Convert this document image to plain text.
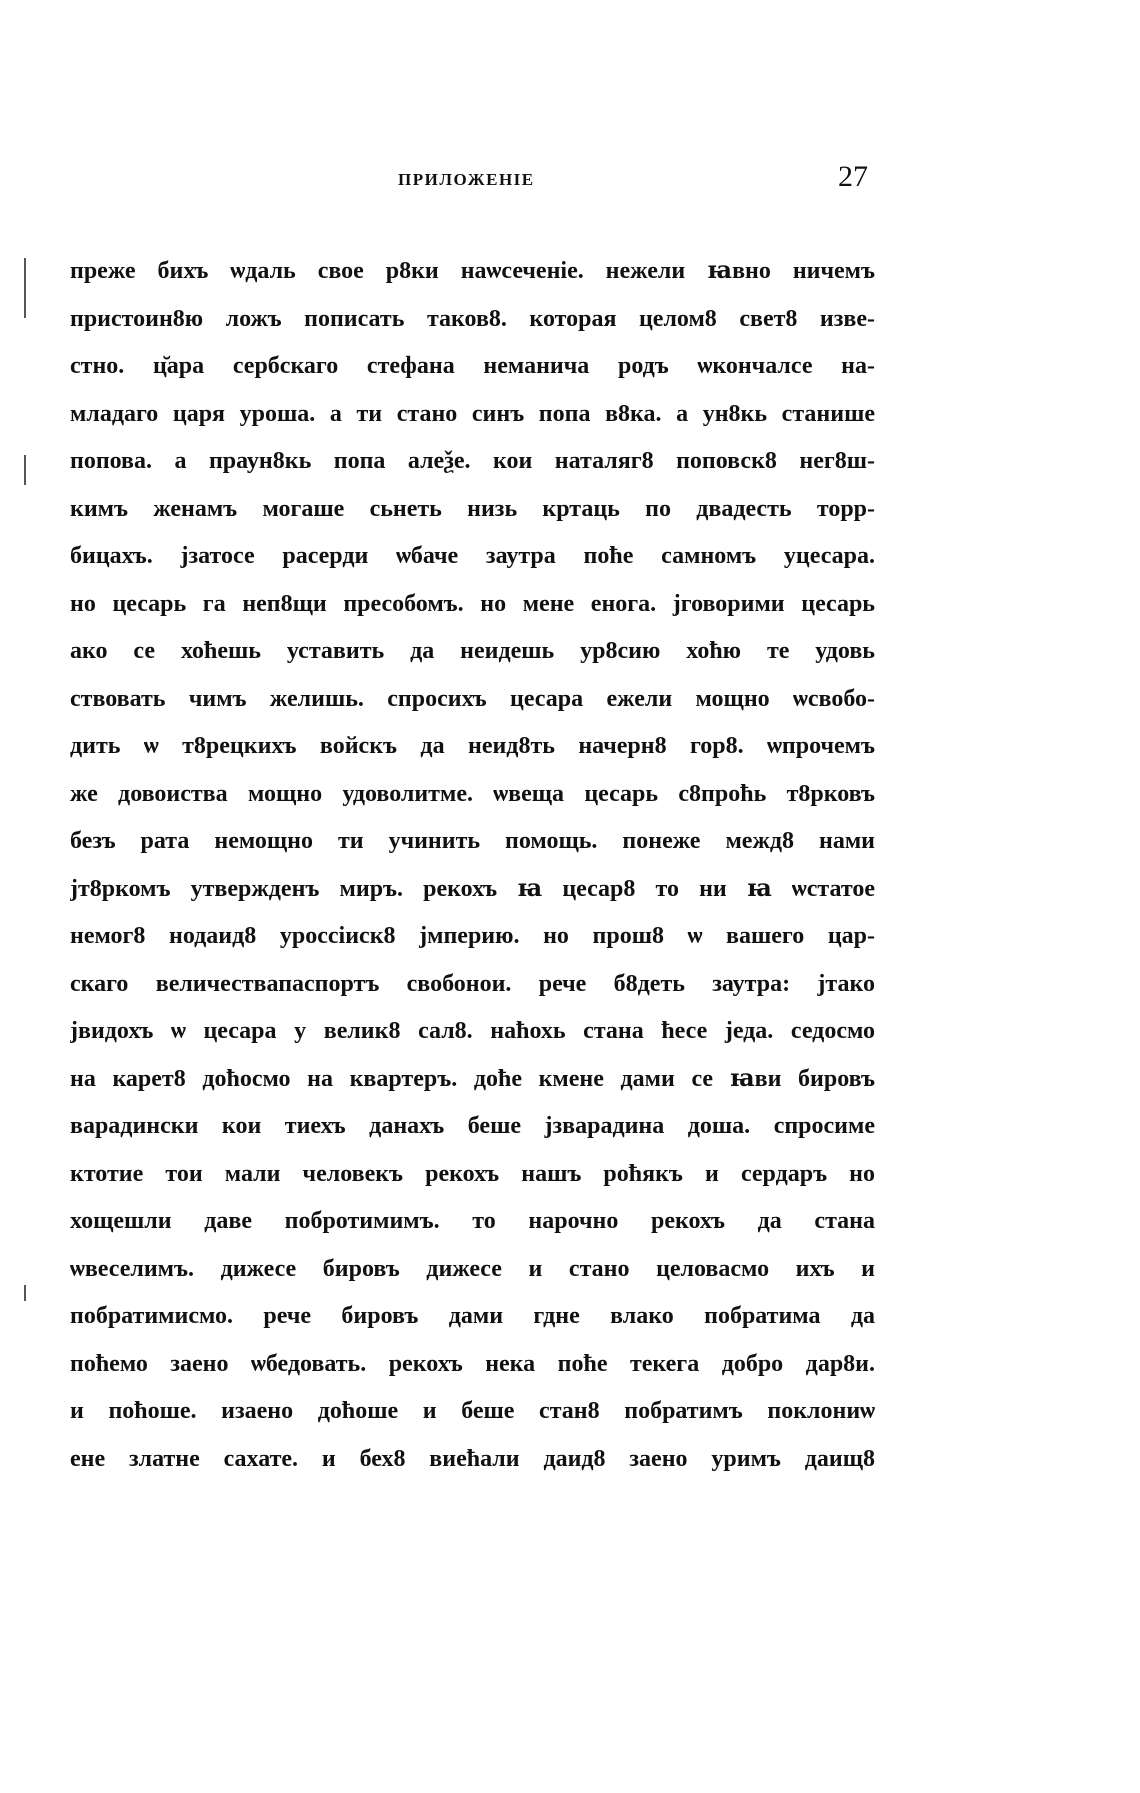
ПРИЛОЖЕНІЕ	27
преже бихъ ѡдаль свое р8ки наѡсеченіе. нежели ꙗвно ничемъ
пристоин8ю ложъ пописать таков8. которая целом8 свет8 изве-
стно. ц̆ара сербскаго стефана неманича родъ ѡкончалсе на-
младаго царя уроша. а ти стано синъ попа в8ка. а ун8кь станише
попова. а праун8кь попа алеѯе. кои наталяг8 поповск8 нег8ш-
кимъ женамъ могаше сьнеть низь кртаць по двадесть торр-
бицахъ. јзатосе расерди ѡбаче заутра поћe самномъ уцесара.
но цесарь га неп8щи пресобомъ. но мене енога. јговорими цесарь
ако се хоћешь уставить да неидешь ур8сию хоћю те удовь
ствовать чимъ желишь. спросихъ цесара ежели мощно ѡсвобо-
дить ѡ т8рецкихъ войскъ да неид8ть начерн8 гор8. ѡпрочемъ
же довоиства мощно удоволитме. ѡвеща цесарь с8проћь т8рковъ
безъ рата немощно ти учинить помощь. понеже межд8 нами
јт8ркомъ утвержденъ миръ. рекохъ ꙗ цесар8 то ни ꙗ ѡстатое
немог8 нодаид8 уроссіиск8 јмперию. но прош8 ѡ вашего цар-
скаго величествапаспортъ свобонои. рече б8деть заутра: јтако
јвидохъ ѡ цесара у велик8 сал8. наћохь стана ћесе једа. седосмо
на карет8 доћосмо на квартеръ. доће кмене дами се ꙗви бировъ
варадински кои тиехъ данахъ беше јзварадина доша. спросиме
ктотие тои мали человекъ рекохъ нашъ роћякъ и сердаръ но
хощешли давe побротимимъ. то нарочно рекохъ да стана
ѡвеселимъ. дижесе бировъ дижесе и стано целовасмо ихъ и
побратимисмо. рече бировъ дами гдне влако побратима да
поћемо заено ѡбедовать. рекохъ нека поће текега добро дар8и.
и поћоше. изаено доћоше и беше стан8 побратимъ поклониѡ
ене златне сахате. и бех8 виећали даид8 заено уримъ даищ8
